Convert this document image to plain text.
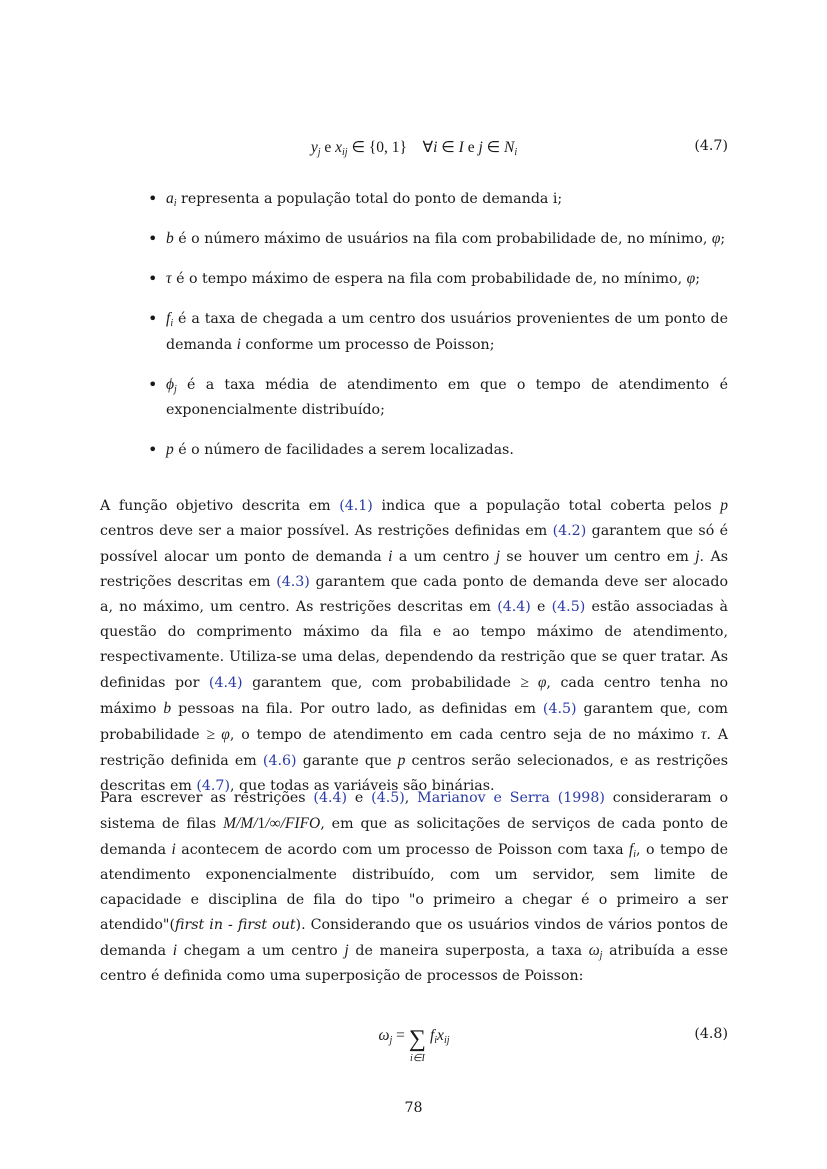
$y_j$ e $x_{ij}$ ∈ {0, 1} ∀i ∈ I e j ∈ $N_i$	(4.7)
• $a_i$ representa a população total do ponto de demanda i;
• b é o número máximo de usuários na fila com probabilidade de, no mínimo, φ;
• τ é o tempo máximo de espera na fila com probabilidade de, no mínimo, φ;
• $f_i$ é a taxa de chegada a um centro dos usuários provenientes de um ponto de demanda i conforme um processo de Poisson;
• $\phi_j$ é a taxa média de atendimento em que o tempo de atendimento é exponencialmente distribuído;
• p é o número de facilidades a serem localizadas.

A função objetivo descrita em (4.1) indica que a população total coberta pelos p centros deve ser a maior possível. As restrições definidas em (4.2) garantem que só é possível alocar um ponto de demanda i a um centro j se houver um centro em j. As restrições descritas em (4.3) garantem que cada ponto de demanda deve ser alocado a, no máximo, um centro. As restrições descritas em (4.4) e (4.5) estão associadas à questão do comprimento máximo da fila e ao tempo máximo de atendimento, respectivamente. Utiliza-se uma delas, dependendo da restrição que se quer tratar. As definidas por (4.4) garantem que, com probabilidade ≥ φ, cada centro tenha no máximo b pessoas na fila. Por outro lado, as definidas em (4.5) garantem que, com probabilidade ≥ φ, o tempo de atendimento em cada centro seja de no máximo τ. A restrição definida em (4.6) garante que p centros serão selecionados, e as restrições descritas em (4.7), que todas as variáveis são binárias.

Para escrever as restrições (4.4) e (4.5), Marianov e Serra (1998) consideraram o sistema de filas M/M/1/∞/FIFO, em que as solicitações de serviços de cada ponto de demanda i acontecem de acordo com um processo de Poisson com taxa $f_i$, o tempo de atendimento exponencialmente distribuído, com um servidor, sem limite de capacidade e disciplina de fila do tipo "o primeiro a chegar é o primeiro a ser atendido"(first in - first out). Considerando que os usuários vindos de vários pontos de demanda i chegam a um centro j de maneira superposta, a taxa $\omega_j$ atribuída a esse centro é definida como uma superposição de processos de Poisson:

$\omega_j$ = ∑
i∈I
$f_ix_{ij}$	(4.8)
78
